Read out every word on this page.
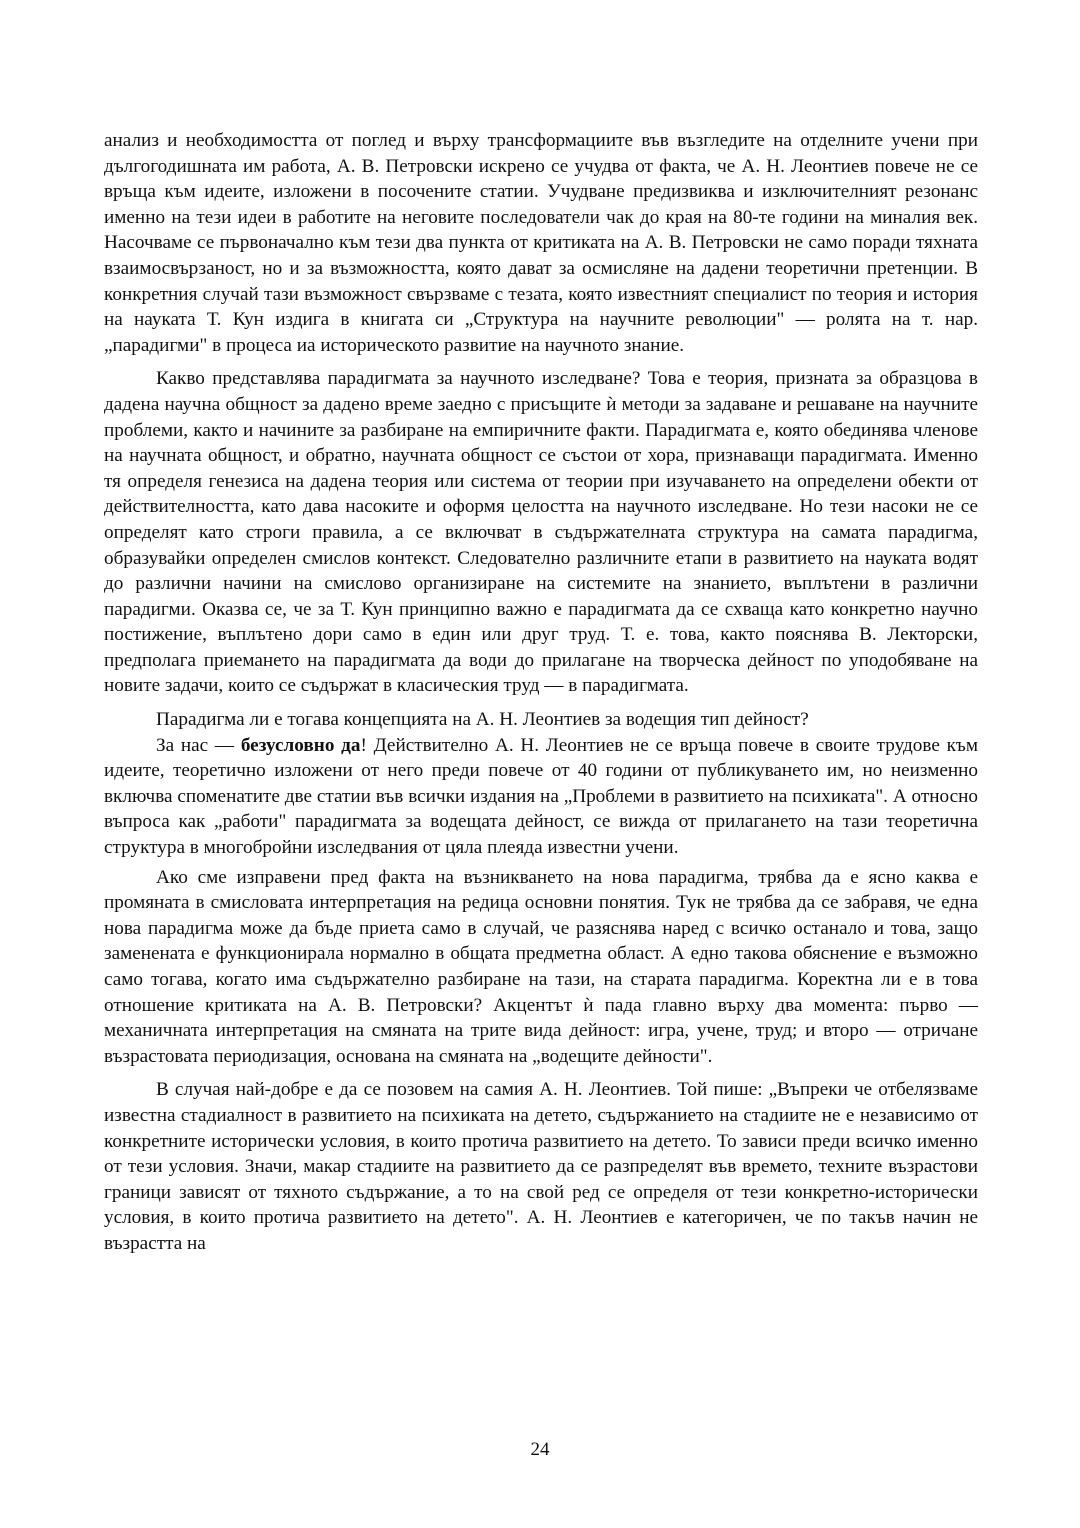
анализ и необходимостта от поглед и върху трансформациите във възгледите на отделните учени при дългогодишната им работа, А. В. Петровски искрено се учудва от факта, че А. Н. Леонтиев повече не се връща към идеите, изложени в посочените статии. Учудване предизвиква и изключителният резонанс именно на тези идеи в работите на неговите последователи чак до края на 80-те години на миналия век. Насочваме се първоначално към тези два пункта от критиката на А. В. Петровски не само поради тяхната взаимосвързаност, но и за възможността, която дават за осмисляне на дадени теоретични претенции. В конкретния случай тази възможност свързваме с тезата, която известният специалист по теория и история на науката Т. Кун издига в книгата си „Структура на научните революции" — ролята на т. нар. „парадигми" в процеса иа историческото развитие на научното знание.

Какво представлява парадигмата за научното изследване? Това е теория, призната за образцова в дадена научна общност за дадено време заедно с присъщите ѝ методи за задаване и решаване на научните проблеми, както и начините за разбиране на емпиричните факти. Парадигмата е, която обединява членове на научната общност, и обратно, научната общност се състои от хора, признаващи парадигмата. Именно тя определя генезиса на дадена теория или система от теории при изучаването на определени обекти от действителността, като дава насоките и оформя целостта на научното изследване. Но тези насоки не се определят като строги правила, а се включват в съдържателната структура на самата парадигма, образувайки определен смислов контекст. Следователно различните етапи в развитието на науката водят до различни начини на смислово организиране на системите на знанието, въплътени в различни парадигми. Оказва се, че за Т. Кун принципно важно е парадигмата да се схваща като конкретно научно постижение, въплътено дори само в един или друг труд. Т. е. това, както пояснява В. Лекторски, предполага приемането на парадигмата да води до прилагане на творческа дейност по уподобяване на новите задачи, които се съдържат в класическия труд — в парадигмата.

Парадигма ли е тогава концепцията на А. Н. Леонтиев за водещия тип дейност?

За нас — безусловно да! Действително А. Н. Леонтиев не се връща повече в своите трудове към идеите, теоретично изложени от него преди повече от 40 години от публикуването им, но неизменно включва споменатите две статии във всички издания на „Проблеми в развитието на психиката". А относно въпроса как „работи" парадигмата за водещата дейност, се вижда от прилагането на тази теоретична структура в многобройни изследвания от цяла плеяда известни учени.

Ако сме изправени пред факта на възникването на нова парадигма, трябва да е ясно каква е промяната в смисловата интерпретация на редица основни понятия. Тук не трябва да се забравя, че една нова парадигма може да бъде приета само в случай, че разяснява наред с всичко останало и това, защо заменената е функционирала нормално в общата предметна област. А едно такова обяснение е възможно само тогава, когато има съдържателно разбиране на тази, на старата парадигма. Коректна ли е в това отношение критиката на А. В. Петровски? Акцентът ѝ пада главно върху два момента: първо — механичната интерпретация на смяната на трите вида дейност: игра, учене, труд; и второ — отричане възрастовата периодизация, основана на смяната на „водещите дейности".

В случая най-добре е да се позовем на самия А. Н. Леонтиев. Той пише: „Въпреки че отбелязваме известна стадиалност в развитието на психиката на детето, съдържанието на стадиите не е независимо от конкретните исторически условия, в които протича развитието на детето. То зависи преди всичко именно от тези условия. Значи, макар стадиите на развитието да се разпределят във времето, техните възрастови граници зависят от тяхното съдържание, а то на свой ред се определя от тези конкретно-исторически условия, в които протича развитието на детето". А. Н. Леонтиев е категоричен, че по такъв начин не възрастта на

24
